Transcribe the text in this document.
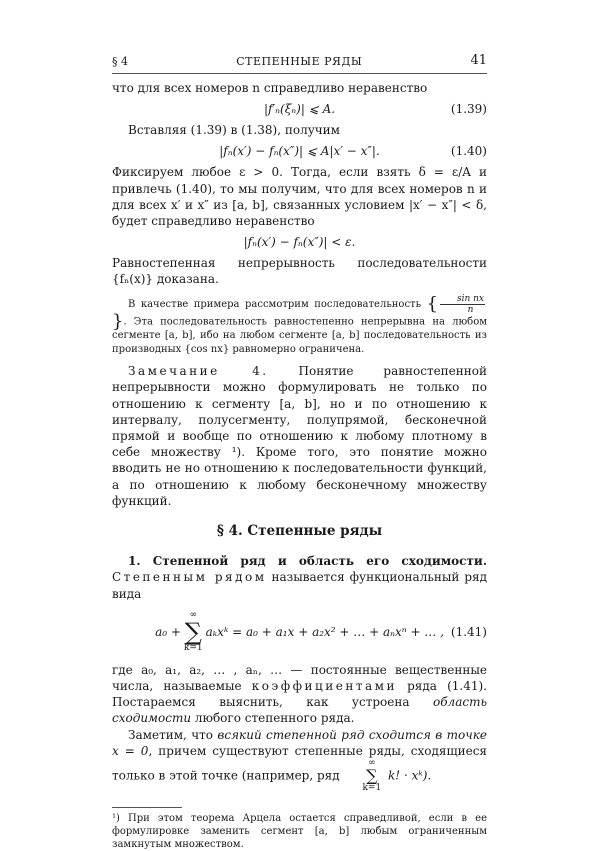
§ 4	СТЕПЕННЫЕ РЯДЫ	41

что для всех номеров n справедливо неравенство

|f′ₙ(ξₙ)| ⩽ A.	(1.39)

Вставляя (1.39) в (1.38), получим

|fₙ(x′) − fₙ(x″)| ⩽ A|x′ − x″|.	(1.40)

Фиксируем любое ε > 0. Тогда, если взять δ = ε/A и привлечь (1.40), то мы получим, что для всех номеров n и для всех x′ и x″ из [a, b], связанных условием |x′ − x″| < δ, будет справедливо неравенство

|fₙ(x′) − fₙ(x″)| < ε.

Равностепенная непрерывность последовательности {fₙ(x)} доказана.

В качестве примера рассмотрим последовательность { $\frac{\text{sin nx}}{n}$
}. Эта последовательность равностепенно непрерывна на любом сегменте [a, b], ибо на любом сегменте [a, b] последовательность из производных {cos nx} равномерно ограничена.

Замечание 4. Понятие равностепенной непрерывности можно формулировать не только по отношению к сегменту [a, b], но и по отношению к интервалу, полусегменту, полупрямой, бесконечной прямой и вообще по отношению к любому плотному в себе множеству ¹). Кроме того, это понятие можно вводить не но отношению к последовательности функций, а по отношению к любому бесконечному множеству функций.

§ 4. Степенные ряды

1. Степенной ряд и область его сходимости. Степенным рядом называется функциональный ряд вида

a₀ +
∞
∑
k=1
aₖxᵏ = a₀ + a₁x + a₂x² + … + aₙxⁿ + … , (1.41)

где a₀, a₁, a₂, … , aₙ, … — постоянные вещественные числа, называемые коэффициентами ряда (1.41). Постараемся выяснить, как устроена область сходимости любого степенного ряда.

Заметим, что всякий степенной ряд сходится в точке x = 0, причем существуют степенные ряды, сходящиеся только в этой точке (например, ряд
∞
∑
k=1
k! · xᵏ).

¹) При этом теорема Арцела остается справедливой, если в ее формулировке заменить сегмент [a, b] любым ограниченным замкнутым множеством.
